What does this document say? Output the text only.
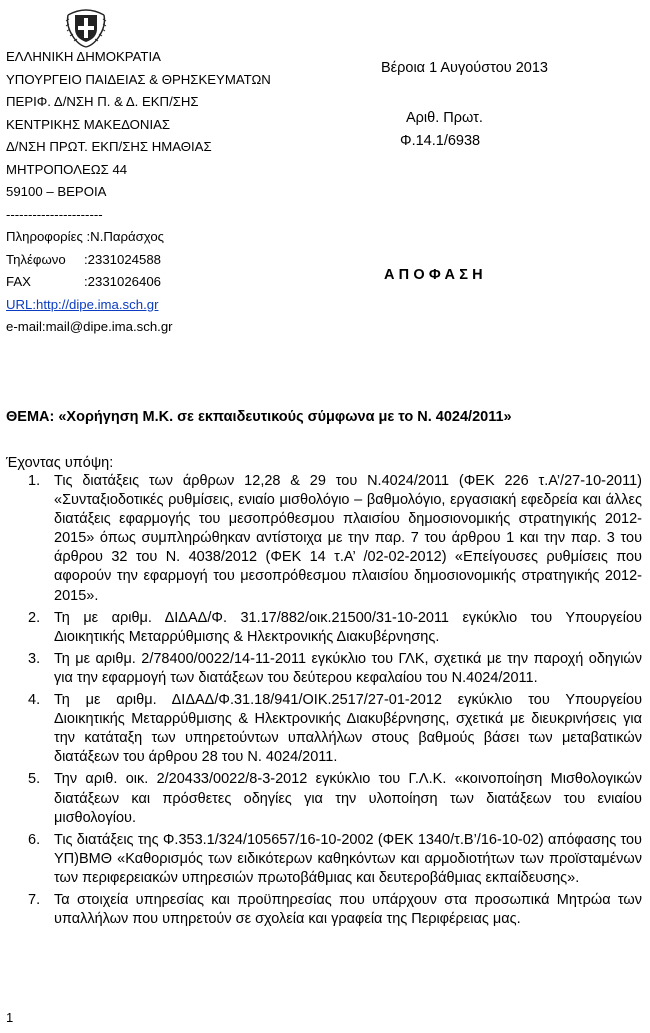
ΕΛΛΗΝΙΚΗ ΔΗΜΟΚΡΑΤΙΑ
ΥΠΟΥΡΓΕΙΟ ΠΑΙΔΕΙΑΣ & ΘΡΗΣΚΕΥΜΑΤΩΝ
ΠΕΡΙΦ. Δ/ΝΣΗ Π. & Δ. ΕΚΠ/ΣΗΣ
ΚΕΝΤΡΙΚΗΣ ΜΑΚΕΔΟΝΙΑΣ
Δ/ΝΣΗ ΠΡΩΤ. ΕΚΠ/ΣΗΣ ΗΜΑΘΙΑΣ
ΜΗΤΡΟΠΟΛΕΩΣ 44
59100 – ΒΕΡΟΙΑ
----------------------
Πληροφορίες : Ν.Παράσχος
Τηλέφωνο	:2331024588
FAX	:2331026406
URL:http://dipe.ima.sch.gr
e-mail:mail@dipe.ima.sch.gr
Βέροια 1 Αυγούστου 2013
Αριθ. Πρωτ.
Φ.14.1/6938
ΑΠΟΦΑΣΗ
ΘΕΜΑ: «Χορήγηση Μ.Κ. σε εκπαιδευτικούς σύμφωνα με το Ν. 4024/2011»
Έχοντας υπόψη:
1. Τις διατάξεις των άρθρων 12,28 & 29 του Ν.4024/2011 (ΦΕΚ 226 τ.Α’/27-10-2011) «Συνταξιοδοτικές ρυθμίσεις, ενιαίο μισθολόγιο – βαθμολόγιο, εργασιακή εφεδρεία και άλλες διατάξεις εφαρμογής του μεσοπρόθεσμου πλαισίου δημοσιονομικής στρατηγικής 2012-2015» όπως συμπληρώθηκαν αντίστοιχα με την παρ. 7 του άρθρου 1 και την παρ. 3 του άρθρου 32 του Ν. 4038/2012 (ΦΕΚ 14 τ.Α’ /02-02-2012) «Επείγουσες ρυθμίσεις που αφορούν την εφαρμογή του μεσοπρόθεσμου πλαισίου δημοσιονομικής στρατηγικής 2012-2015».
2. Τη με αριθμ. ΔΙΔΑΔ/Φ. 31.17/882/οικ.21500/31-10-2011 εγκύκλιο του Υπουργείου Διοικητικής Μεταρρύθμισης & Ηλεκτρονικής Διακυβέρνησης.
3. Τη με αριθμ. 2/78400/0022/14-11-2011 εγκύκλιο του ΓΛΚ, σχετικά με την παροχή οδηγιών για την εφαρμογή των διατάξεων του δεύτερου κεφαλαίου του Ν.4024/2011.
4. Τη με αριθμ. ΔΙΔΑΔ/Φ.31.18/941/ΟΙΚ.2517/27-01-2012 εγκύκλιο του Υπουργείου Διοικητικής Μεταρρύθμισης & Ηλεκτρονικής Διακυβέρνησης, σχετικά με διευκρινήσεις για την κατάταξη των υπηρετούντων υπαλλήλων στους βαθμούς βάσει των μεταβατικών διατάξεων του άρθρου 28 του Ν. 4024/2011.
5. Την αριθ. οικ. 2/20433/0022/8-3-2012 εγκύκλιο του Γ.Λ.Κ. «κοινοποίηση Μισθολογικών διατάξεων και πρόσθετες οδηγίες για την υλοποίηση των διατάξεων του ενιαίου μισθολογίου.
6. Τις διατάξεις της Φ.353.1/324/105657/16-10-2002 (ΦΕΚ 1340/τ.Β’/16-10-02) απόφασης του ΥΠ)ΒΜΘ «Καθορισμός των ειδικότερων καθηκόντων και αρμοδιοτήτων των προϊσταμένων των περιφερειακών υπηρεσιών πρωτοβάθμιας και δευτεροβάθμιας εκπαίδευσης».
7. Τα στοιχεία υπηρεσίας και προϋπηρεσίας που υπάρχουν στα προσωπικά Μητρώα των υπαλλήλων που υπηρετούν σε σχολεία και γραφεία της Περιφέρειας μας.
1
